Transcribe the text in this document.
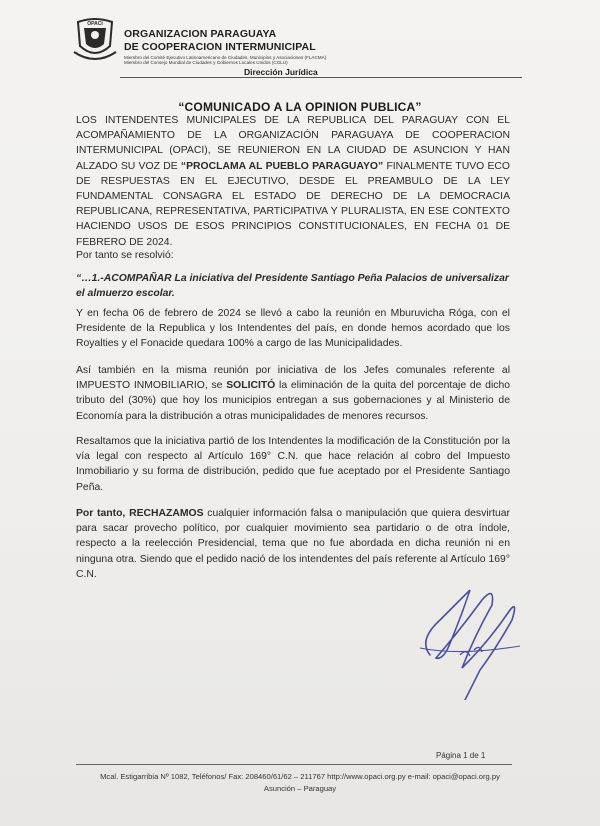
OPACI
ORGANIZACION PARAGUAYA
DE COOPERACION INTERMUNICIPAL
Miembro del Comité Ejecutivo Latinoamericano de Ciudades, Municipios y Asociaciones (FLACMA)
Miembro del Consejo Mundial de Ciudades y Gobiernos Locales Unidos (CGLU)
Dirección Jurídica
“COMUNICADO A LA OPINION PUBLICA”
LOS INTENDENTES MUNICIPALES DE LA REPUBLICA DEL PARAGUAY CON EL ACOMPAÑAMIENTO DE LA ORGANIZACIÓN PARAGUAYA DE COOPERACION INTERMUNICIPAL (OPACI), SE REUNIERON EN LA CIUDAD DE ASUNCION Y HAN ALZADO SU VOZ DE “PROCLAMA AL PUEBLO PARAGUAYO” FINALMENTE TUVO ECO DE RESPUESTAS EN EL EJECUTIVO, DESDE EL PREAMBULO DE LA LEY FUNDAMENTAL CONSAGRA EL ESTADO DE DERECHO DE LA DEMOCRACIA REPUBLICANA, REPRESENTATIVA, PARTICIPATIVA Y PLURALISTA, EN ESE CONTEXTO HACIENDO USOS DE ESOS PRINCIPIOS CONSTITUCIONALES, EN FECHA 01 DE FEBRERO DE 2024.
Por tanto se resolvió:
“…1.-ACOMPAÑAR La iniciativa del Presidente Santiago Peña Palacios de universalizar el almuerzo escolar.
Y en fecha 06 de febrero de 2024 se llevó a cabo la reunión en Mburuvicha Róga, con el Presidente de la Republica y los Intendentes del país, en donde hemos acordado que los Royalties y el Fonacide quedara 100% a cargo de las Municipalidades.
Así también en la misma reunión por iniciativa de los Jefes comunales referente al IMPUESTO INMOBILIARIO, se SOLICITÓ la eliminación de la quita del porcentaje de dicho tributo del (30%) que hoy los municipios entregan a sus gobernaciones y al Ministerio de Economía para la distribución a otras municipalidades de menores recursos.
Resaltamos que la iniciativa partió de los Intendentes la modificación de la Constitución por la vía legal con respecto al Artículo 169° C.N. que hace relación al cobro del Impuesto Inmobiliario y su forma de distribución, pedido que fue aceptado por el Presidente Santiago Peña.
Por tanto, RECHAZAMOS cualquier información falsa o manipulación que quiera desvirtuar para sacar provecho político, por cualquier movimiento sea partidario o de otra índole, respecto a la reelección Presidencial, tema que no fue abordada en dicha reunión ni en ninguna otra. Siendo que el pedido nació de los intendentes del país referente al Artículo 169° C.N.
Página 1 de 1
Mcal. Estigarribia Nº 1082, Teléfonos/ Fax: 208460/61/62 – 211767 http://www.opaci.org.py e-mail: opaci@opaci.org.py
Asunción – Paraguay
